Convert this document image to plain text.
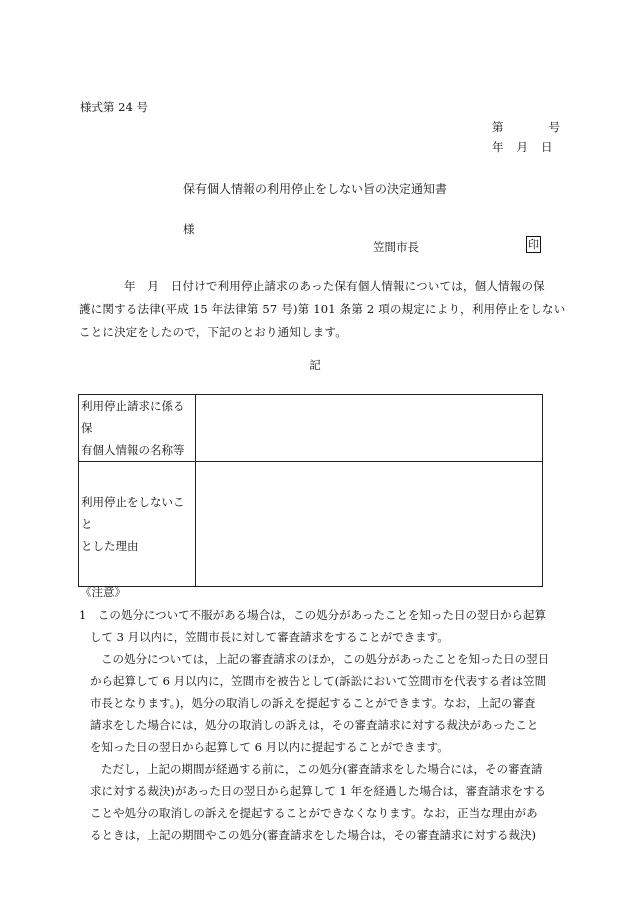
様式第 24 号
第	号
年 月 日
保有個人情報の利用停止をしない旨の決定通知書
様
笠間市長	印
年　月　日付けで利用停止請求のあった保有個人情報については，個人情報の保
護に関する法律(平成 15 年法律第 57 号)第 101 条第 2 項の規定により，利用停止をしない
ことに決定をしたので，下記のとおり通知します。
記
利用停止請求に係る保
有個人情報の名称等	

利用停止をしないこと
とした理由	

《注意》
1　この処分について不服がある場合は，この処分があったことを知った日の翌日から起算
して 3 月以内に，笠間市長に対して審査請求をすることができます。
この処分については，上記の審査請求のほか，この処分があったことを知った日の翌日
から起算して 6 月以内に，笠間市を被告として(訴訟において笠間市を代表する者は笠間
市長となります。)，処分の取消しの訴えを提起することができます。なお，上記の審査
請求をした場合には，処分の取消しの訴えは，その審査請求に対する裁決があったこと
を知った日の翌日から起算して 6 月以内に提起することができます。
ただし，上記の期間が経過する前に，この処分(審査請求をした場合には，その審査請
求に対する裁決)があった日の翌日から起算して 1 年を経過した場合は，審査請求をする
ことや処分の取消しの訴えを提起することができなくなります。なお，正当な理由があ
るときは，上記の期間やこの処分(審査請求をした場合は，その審査請求に対する裁決)
